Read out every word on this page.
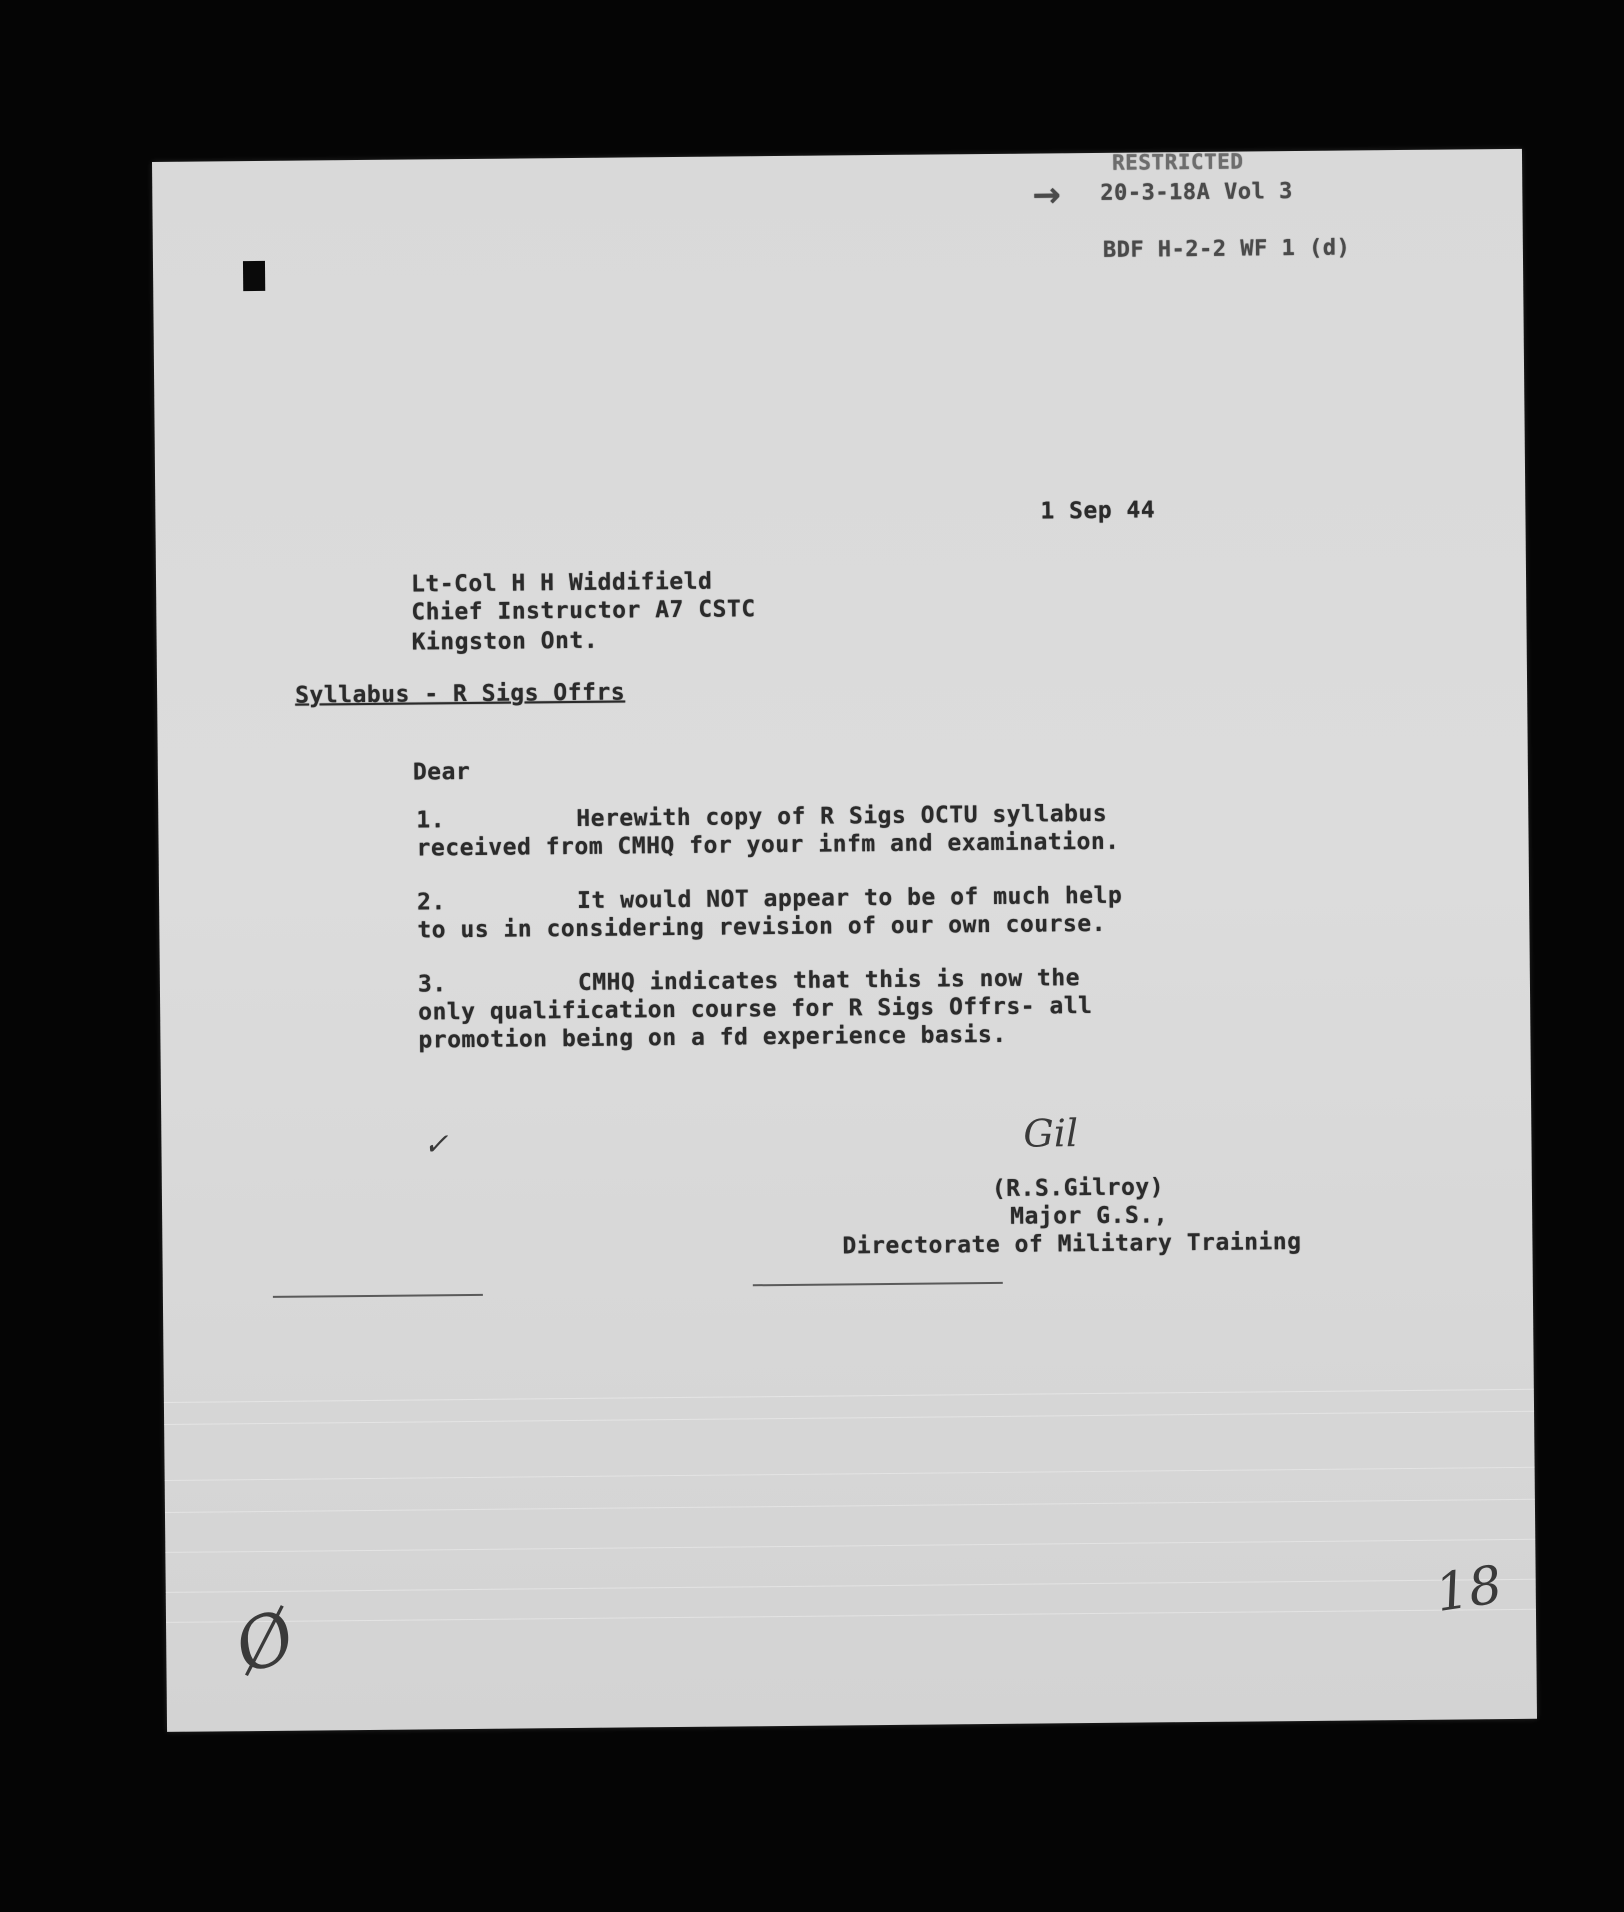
RESTRICTED
→ 20-3-18A Vol 3
BDF H-2-2 WF 1 (d)
1 Sep 44
Lt-Col H H Widdifield
Chief Instructor A7 CSTC
Kingston Ont.
Syllabus - R Sigs Offrs
Dear
1.	Herewith copy of R Sigs OCTU syllabus
received from CMHQ for your infm and examination.
2.	It would NOT appear to be of much help
to us in considering revision of our own course.
3.	CMHQ indicates that this is now the
only qualification course for R Sigs Offrs- all
promotion being on a fd experience basis.
✓	Gil
(R.S.Gilroy)
Major G.S.,
Directorate of Military Training
Ø
18
